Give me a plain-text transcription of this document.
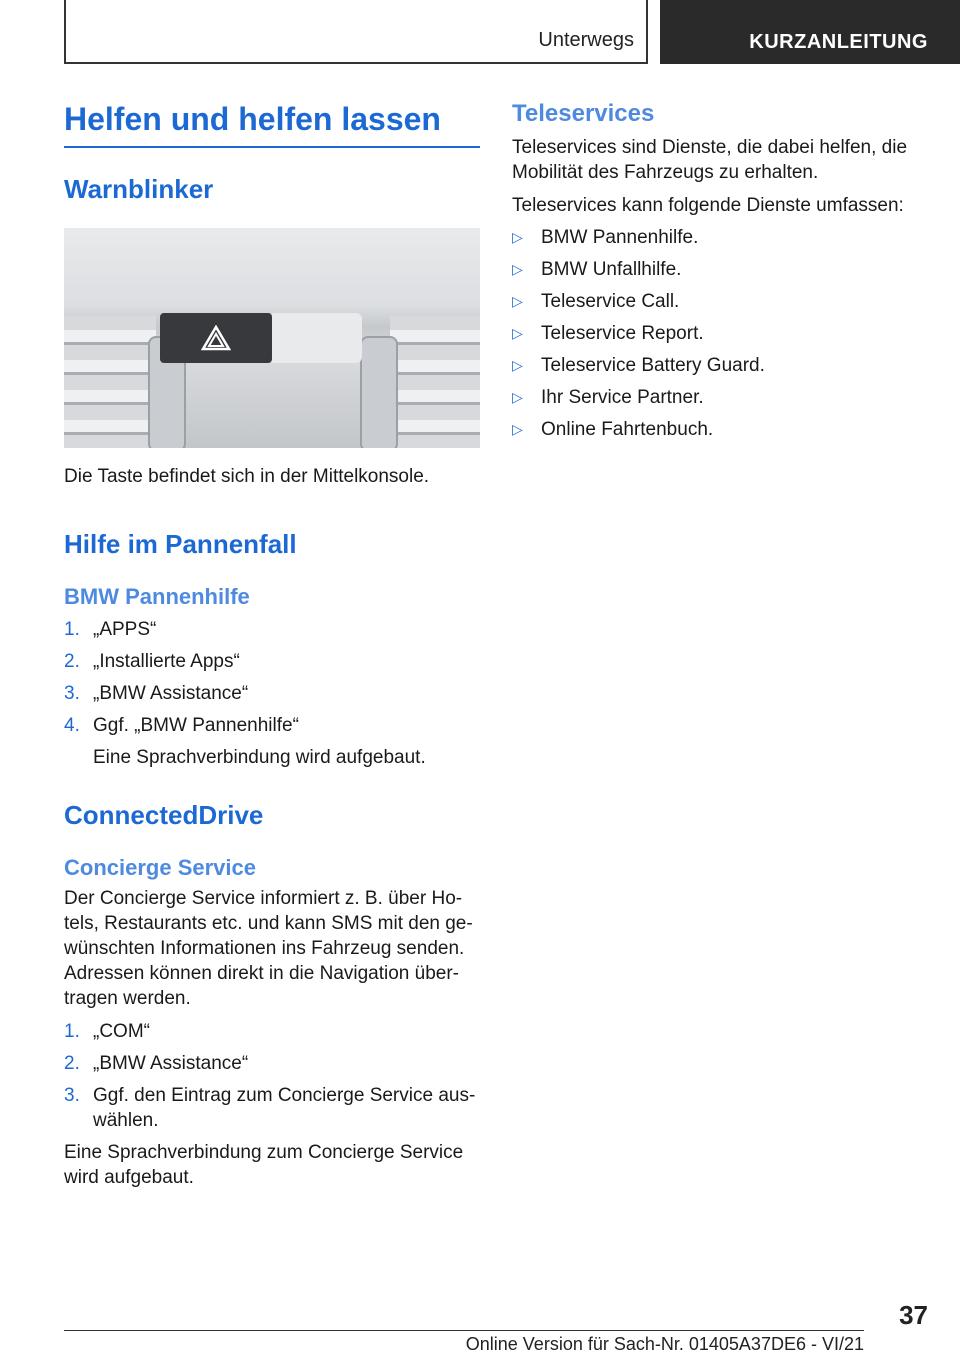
Unterwegs	KURZANLEITUNG
Helfen und helfen lassen
Warnblinker

Die Taste befindet sich in der Mittelkonsole.

Hilfe im Pannenfall
BMW Pannenhilfe
1. „APPS“
2. „Installierte Apps“
3. „BMW Assistance“
4. Ggf. „BMW Pannenhilfe“

Eine Sprachverbindung wird aufgebaut.

ConnectedDrive
Concierge Service

Der Concierge Service informiert z. B. über Ho‐

tels, Restaurants etc. und kann SMS mit den ge‐

wünschten Informationen ins Fahrzeug senden.

Adressen können direkt in die Navigation über‐

tragen werden.

1. „COM“
2. „BMW Assistance“
3. Ggf. den Eintrag zum Concierge Service aus‐

wählen.

Eine Sprachverbindung zum Concierge Service

wird aufgebaut.

Teleservices

Teleservices sind Dienste, die dabei helfen, die

Mobilität des Fahrzeugs zu erhalten.

Teleservices kann folgende Dienste umfassen:

▷ BMW Pannenhilfe.
▷ BMW Unfallhilfe.
▷ Teleservice Call.
▷ Teleservice Report.
▷ Teleservice Battery Guard.
▷ Ihr Service Partner.
▷ Online Fahrtenbuch.
37
Online Version für Sach-Nr. 01405A37DE6 - VI/21
